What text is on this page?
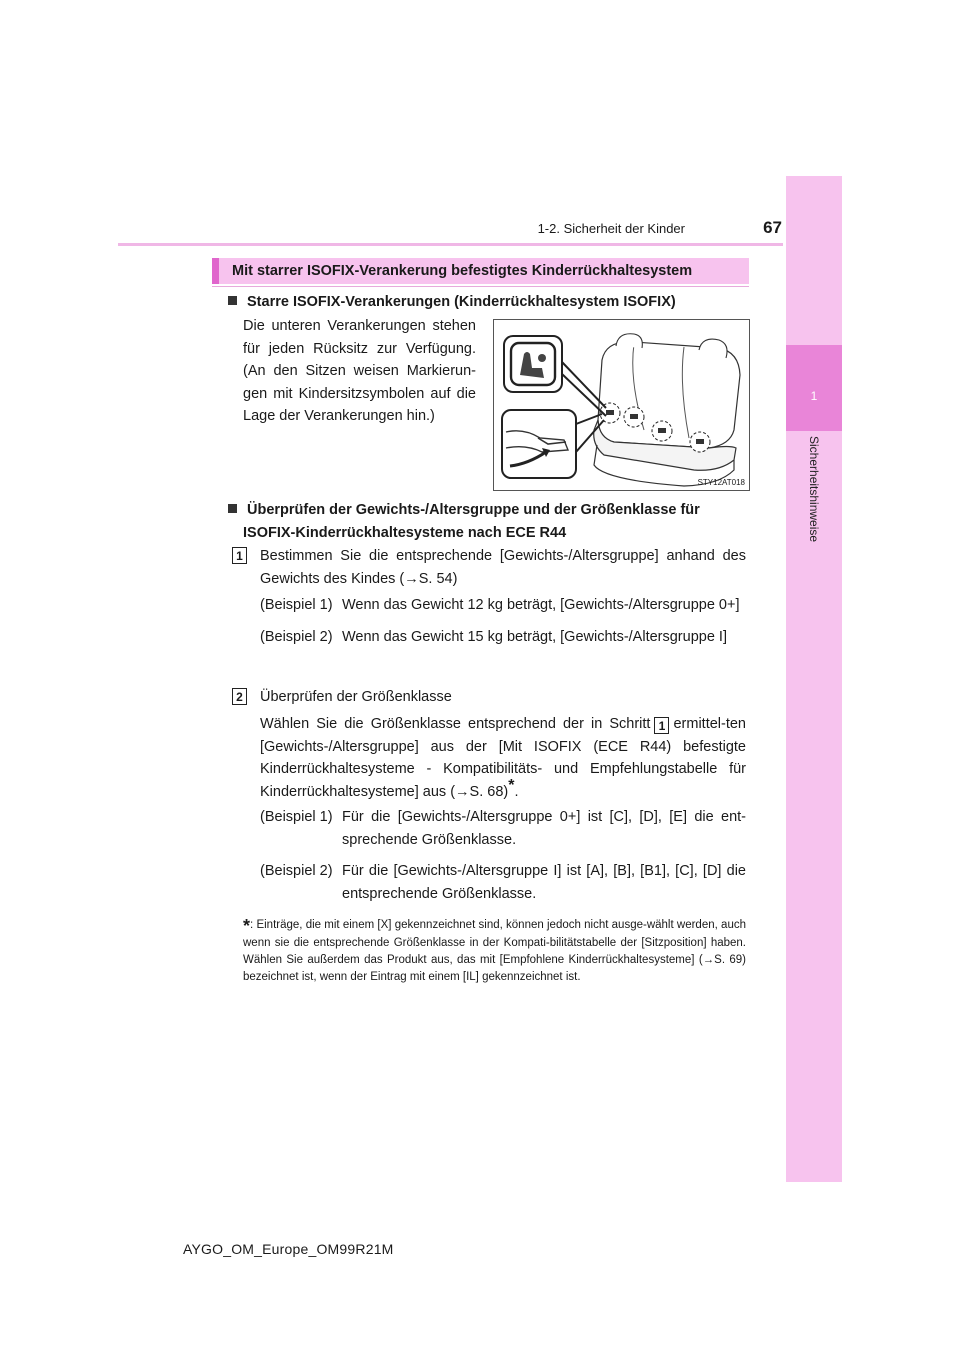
1-2. Sicherheit der Kinder	67
1
Sicherheitshinweise
Mit starrer ISOFIX-Verankerung befestigtes Kinderrückhaltesystem
Starre ISOFIX-Verankerungen (Kinderrückhaltesystem ISOFIX)
Die unteren Verankerungen stehen für jeden Rücksitz zur Verfügung. (An den Sitzen weisen Markierun-gen mit Kindersitzsymbolen auf die Lage der Verankerungen hin.)
STY12AT018
Überprüfen der Gewichts-/Altersgruppe und der Größenklasse für
ISOFIX-Kinderrückhaltesysteme nach ECE R44
1 Bestimmen Sie die entsprechende [Gewichts-/Altersgruppe] anhand des Gewichts des Kindes (→S. 54)
(Beispiel 1) Wenn das Gewicht 12 kg beträgt, [Gewichts-/Altersgruppe 0+]
(Beispiel 2) Wenn das Gewicht 15 kg beträgt, [Gewichts-/Altersgruppe I]
2 Überprüfen der Größenklasse
Wählen Sie die Größenklasse entsprechend der in Schritt 1 ermittel-ten [Gewichts-/Altersgruppe] aus der [Mit ISOFIX (ECE R44) befestigte Kinderrückhaltesysteme - Kompatibilitäts- und Empfehlungstabelle für Kinderrückhaltesysteme] aus (→S. 68)*.
(Beispiel 1) Für die [Gewichts-/Altersgruppe 0+] ist [C], [D], [E] die ent-sprechende Größenklasse.
(Beispiel 2) Für die [Gewichts-/Altersgruppe I] ist [A], [B], [B1], [C], [D] die entsprechende Größenklasse.
*: Einträge, die mit einem [X] gekennzeichnet sind, können jedoch nicht ausge-wählt werden, auch wenn sie die entsprechende Größenklasse in der Kompati-bilitätstabelle der [Sitzposition] haben. Wählen Sie außerdem das Produkt aus, das mit [Empfohlene Kinderrückhaltesysteme] (→S. 69) bezeichnet ist, wenn der Eintrag mit einem [IL] gekennzeichnet ist.
AYGO_OM_Europe_OM99R21M
